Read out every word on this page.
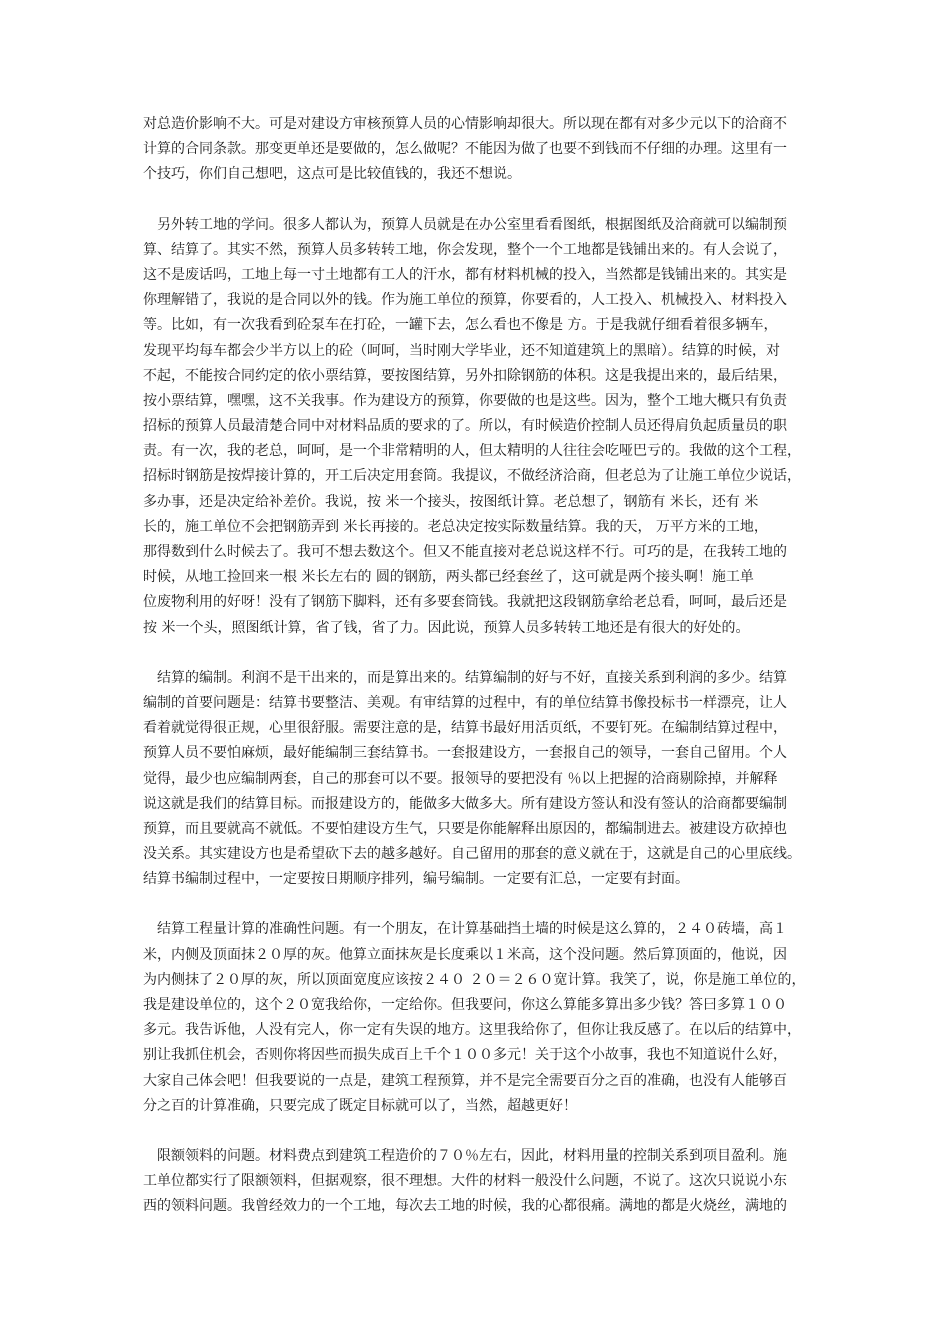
对总造价影响不大。可是对建设方审核预算人员的心情影响却很大。所以现在都有对多少元以下的洽商不
计算的合同条款。那变更单还是要做的，怎么做呢？不能因为做了也要不到钱而不仔细的办理。这里有一
个技巧，你们自己想吧，这点可是比较值钱的，我还不想说。
另外转工地的学问。很多人都认为，预算人员就是在办公室里看看图纸，根据图纸及洽商就可以编制预
算、结算了。其实不然，预算人员多转转工地，你会发现，整个一个工地都是钱铺出来的。有人会说了，
这不是废话吗，工地上每一寸土地都有工人的汗水，都有材料机械的投入，当然都是钱铺出来的。其实是
你理解错了，我说的是合同以外的钱。作为施工单位的预算，你要看的，人工投入、机械投入、材料投入
等。比如，有一次我看到砼泵车在打砼，一罐下去，怎么看也不像是 方。于是我就仔细看着很多辆车，
发现平均每车都会少半方以上的砼（呵呵，当时刚大学毕业，还不知道建筑上的黑暗）。结算的时候，对
不起，不能按合同约定的依小票结算，要按图结算，另外扣除钢筋的体积。这是我提出来的，最后结果，
按小票结算，嘿嘿，这不关我事。作为建设方的预算，你要做的也是这些。因为，整个工地大概只有负责
招标的预算人员最清楚合同中对材料品质的要求的了。所以，有时候造价控制人员还得肩负起质量员的职
责。有一次，我的老总，呵呵，是一个非常精明的人，但太精明的人往往会吃哑巴亏的。我做的这个工程，
招标时钢筋是按焊接计算的，开工后决定用套筒。我提议，不做经济洽商，但老总为了让施工单位少说话，
多办事，还是决定给补差价。我说，按 米一个接头，按图纸计算。老总想了，钢筋有 米长，还有 米
长的，施工单位不会把钢筋弄到 米长再接的。老总决定按实际数量结算。我的天， 万平方米的工地，
那得数到什么时候去了。我可不想去数这个。但又不能直接对老总说这样不行。可巧的是，在我转工地的
时候，从地工捡回来一根 米长左右的 圆的钢筋，两头都已经套丝了，这可就是两个接头啊！施工单
位废物利用的好呀！没有了钢筋下脚料，还有多要套筒钱。我就把这段钢筋拿给老总看，呵呵，最后还是
按 米一个头，照图纸计算，省了钱，省了力。因此说，预算人员多转转工地还是有很大的好处的。
结算的编制。利润不是干出来的，而是算出来的。结算编制的好与不好，直接关系到利润的多少。结算
编制的首要问题是：结算书要整洁、美观。有审结算的过程中，有的单位结算书像投标书一样漂亮，让人
看着就觉得很正规，心里很舒服。需要注意的是，结算书最好用活页纸，不要钉死。在编制结算过程中，
预算人员不要怕麻烦，最好能编制三套结算书。一套报建设方，一套报自己的领导，一套自己留用。个人
觉得，最少也应编制两套，自己的那套可以不要。报领导的要把没有 ％以上把握的洽商剔除掉，并解释
说这就是我们的结算目标。而报建设方的，能做多大做多大。所有建设方签认和没有签认的洽商都要编制
预算，而且要就高不就低。不要怕建设方生气，只要是你能解释出原因的，都编制进去。被建设方砍掉也
没关系。其实建设方也是希望砍下去的越多越好。自己留用的那套的意义就在于，这就是自己的心里底线。
结算书编制过程中，一定要按日期顺序排列，编号编制。一定要有汇总，一定要有封面。
结算工程量计算的准确性问题。有一个朋友，在计算基础挡土墙的时候是这么算的，２４０砖墙，高１
米，内侧及顶面抹２０厚的灰。他算立面抹灰是长度乘以１米高，这个没问题。然后算顶面的，他说，因
为内侧抹了２０厚的灰，所以顶面宽度应该按２４０ ２０＝２６０宽计算。我笑了，说，你是施工单位的，
我是建设单位的，这个２０宽我给你，一定给你。但我要问，你这么算能多算出多少钱？答曰多算１００
多元。我告诉他，人没有完人，你一定有失误的地方。这里我给你了，但你让我反感了。在以后的结算中，
别让我抓住机会，否则你将因些而损失成百上千个１００多元！关于这个小故事，我也不知道说什么好，
大家自己体会吧！但我要说的一点是，建筑工程预算，并不是完全需要百分之百的准确，也没有人能够百
分之百的计算准确，只要完成了既定目标就可以了，当然，超越更好！
限额领料的问题。材料费点到建筑工程造价的７０％左右，因此，材料用量的控制关系到项目盈利。施
工单位都实行了限额领料，但据观察，很不理想。大件的材料一般没什么问题，不说了。这次只说说小东
西的领料问题。我曾经效力的一个工地，每次去工地的时候，我的心都很痛。满地的都是火烧丝，满地的
